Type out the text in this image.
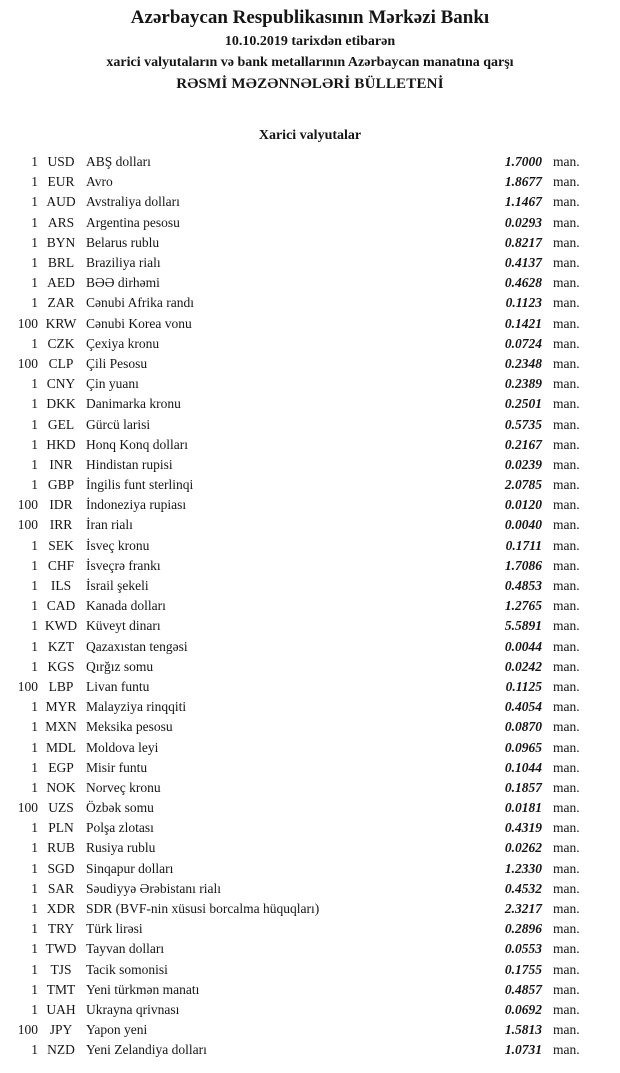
Azərbaycan Respublikasının Mərkəzi Bankı
10.10.2019 tarixdən etibarən
xarici valyutaların və bank metallarının Azərbaycan manatına qarşı
RƏSMİ MƏZƏNNƏLƏRİ BÜLLETENİ
Xarici valyutalar
1 USD ABŞ dolları	1.7000 man.
1 EUR Avro	1.8677 man.
1 AUD Avstraliya dolları	1.1467 man.
1 ARS Argentina pesosu	0.0293 man.
1 BYN Belarus rublu	0.8217 man.
1 BRL Braziliya rialı	0.4137 man.
1 AED BƏƏ dirhəmi	0.4628 man.
1 ZAR Cənubi Afrika randı	0.1123 man.
100 KRW Cənubi Korea vonu	0.1421 man.
1 CZK Çexiya kronu	0.0724 man.
100 CLP Çili Pesosu	0.2348 man.
1 CNY Çin yuanı	0.2389 man.
1 DKK Danimarka kronu	0.2501 man.
1 GEL Gürcü larisi	0.5735 man.
1 HKD Honq Konq dolları	0.2167 man.
1 INR Hindistan rupisi	0.0239 man.
1 GBP İngilis funt sterlinqi	2.0785 man.
100 IDR İndoneziya rupiası	0.0120 man.
100 IRR	İran rialı	0.0040 man.
1 SEK İsveç kronu	0.1711 man.
1 CHF İsveçrə frankı	1.7086 man.
1 ILS	İsrail şekeli	0.4853 man.
1 CAD Kanada dolları	1.2765 man.
1 KWD Küveyt dinarı	5.5891 man.
1 KZT Qazaxıstan tengəsi	0.0044 man.
1 KGS Qırğız somu	0.0242 man.
100 LBP Livan funtu	0.1125 man.
1 MYR Malayziya rinqqiti	0.4054 man.
1 MXN Meksika pesosu	0.0870 man.
1 MDL Moldova leyi	0.0965 man.
1 EGP Misir funtu	0.1044 man.
1 NOK Norveç kronu	0.1857 man.
100 UZS Özbək somu	0.0181 man.
1 PLN Polşa zlotası	0.4319 man.
1 RUB Rusiya rublu	0.0262 man.
1 SGD Sinqapur dolları	1.2330 man.
1 SAR Səudiyyə Ərəbistanı rialı	0.4532 man.
1 XDR SDR (BVF-nin xüsusi borcalma hüquqları)	2.3217 man.
1 TRY Türk lirəsi	0.2896 man.
1 TWD Tayvan dolları	0.0553 man.
1 TJS	Tacik somonisi	0.1755 man.
1 TMT Yeni türkmən manatı	0.4857 man.
1 UAH Ukrayna qrivnası	0.0692 man.
100 JPY	Yapon yeni	1.5813 man.
1 NZD Yeni Zelandiya dolları	1.0731 man.
